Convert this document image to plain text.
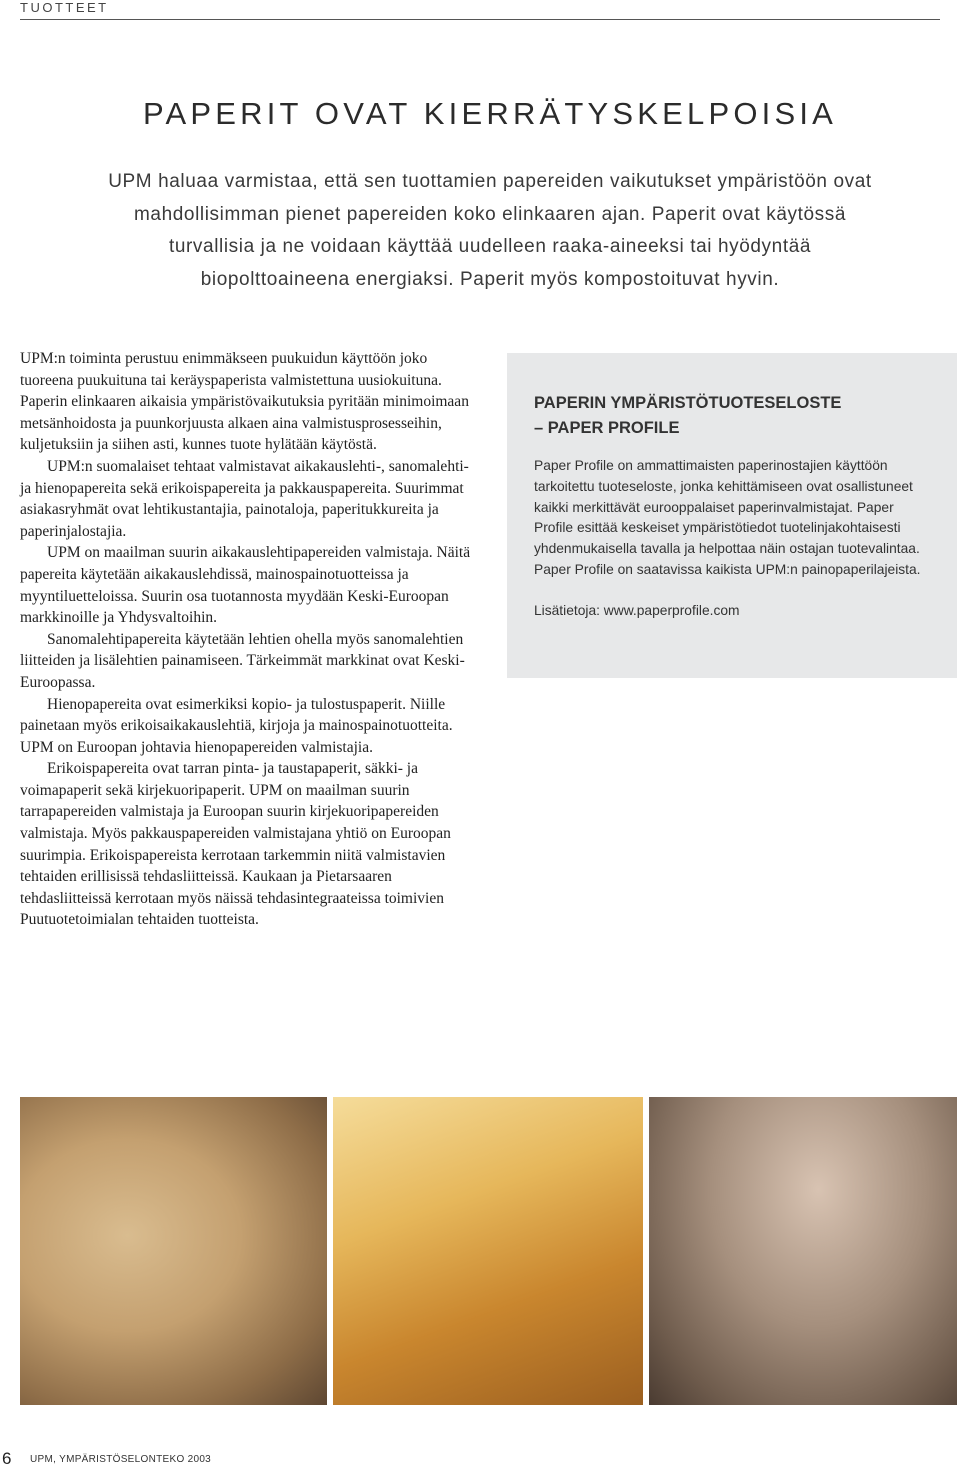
TUOTTEET
PAPERIT OVAT KIERRÄTYSKELPOISIA
UPM haluaa varmistaa, että sen tuottamien papereiden vaikutukset ympäristöön ovat
mahdollisimman pienet papereiden koko elinkaaren ajan. Paperit ovat käytössä
turvallisia ja ne voidaan käyttää uudelleen raaka-aineeksi tai hyödyntää
biopolttoaineena energiaksi. Paperit myös kompostoituvat hyvin.

UPM:n toiminta perustuu enimmäkseen puukuidun käyttöön joko tuoreena puukuituna tai keräyspaperista valmistettuna uusiokuituna. Paperin elinkaaren aikaisia ympäristövaikutuksia pyritään minimoimaan metsänhoidosta ja puunkorjuusta alkaen aina valmistusprosesseihin, kuljetuksiin ja siihen asti, kunnes tuote hylätään käytöstä.

UPM:n suomalaiset tehtaat valmistavat aikakauslehti-, sanomalehti- ja hienopapereita sekä erikoispapereita ja pakkauspapereita. Suurimmat asiakasryhmät ovat lehtikustantajia, painotaloja, paperitukkureita ja paperinjalostajia.

UPM on maailman suurin aikakauslehtipapereiden valmistaja. Näitä papereita käytetään aikakauslehdissä, mainospainotuotteissa ja myyntiluetteloissa. Suurin osa tuotannosta myydään Keski-Euroopan markkinoille ja Yhdysvaltoihin.

Sanomalehtipapereita käytetään lehtien ohella myös sanomalehtien liitteiden ja lisälehtien painamiseen. Tärkeimmät markkinat ovat Keski-Euroopassa.

Hienopapereita ovat esimerkiksi kopio- ja tulostuspaperit. Niille painetaan myös erikoisaikakauslehtiä, kirjoja ja mainospainotuotteita. UPM on Euroopan johtavia hienopapereiden valmistajia.

Erikoispapereita ovat tarran pinta- ja taustapaperit, säkki- ja voimapaperit sekä kirjekuoripaperit. UPM on maailman suurin tarrapapereiden valmistaja ja Euroopan suurin kirjekuoripapereiden valmistaja. Myös pakkauspapereiden valmistajana yhtiö on Euroopan suurimpia. Erikoispapereista kerrotaan tarkemmin niitä valmistavien tehtaiden erillisissä tehdasliitteissä. Kaukaan ja Pietarsaaren tehdasliitteissä kerrotaan myös näissä tehdasintegraateissa toimivien Puutuotetoimialan tehtaiden tuotteista.

PAPERIN YMPÄRISTÖTUOTESELOSTE
– PAPER PROFILE

Paper Profile on ammattimaisten paperinostajien käyttöön tarkoitettu tuoteseloste, jonka kehittämiseen ovat osallistuneet kaikki merkittävät eurooppalaiset paperinvalmistajat. Paper Profile esittää keskeiset ympäristötiedot tuotelinjakohtaisesti yhdenmukaisella tavalla ja helpottaa näin ostajan tuotevalintaa. Paper Profile on saatavissa kaikista UPM:n painopaperilajeista.

Lisätietoja: www.paperprofile.com

6 UPM, YMPÄRISTÖSELONTEKO 2003
